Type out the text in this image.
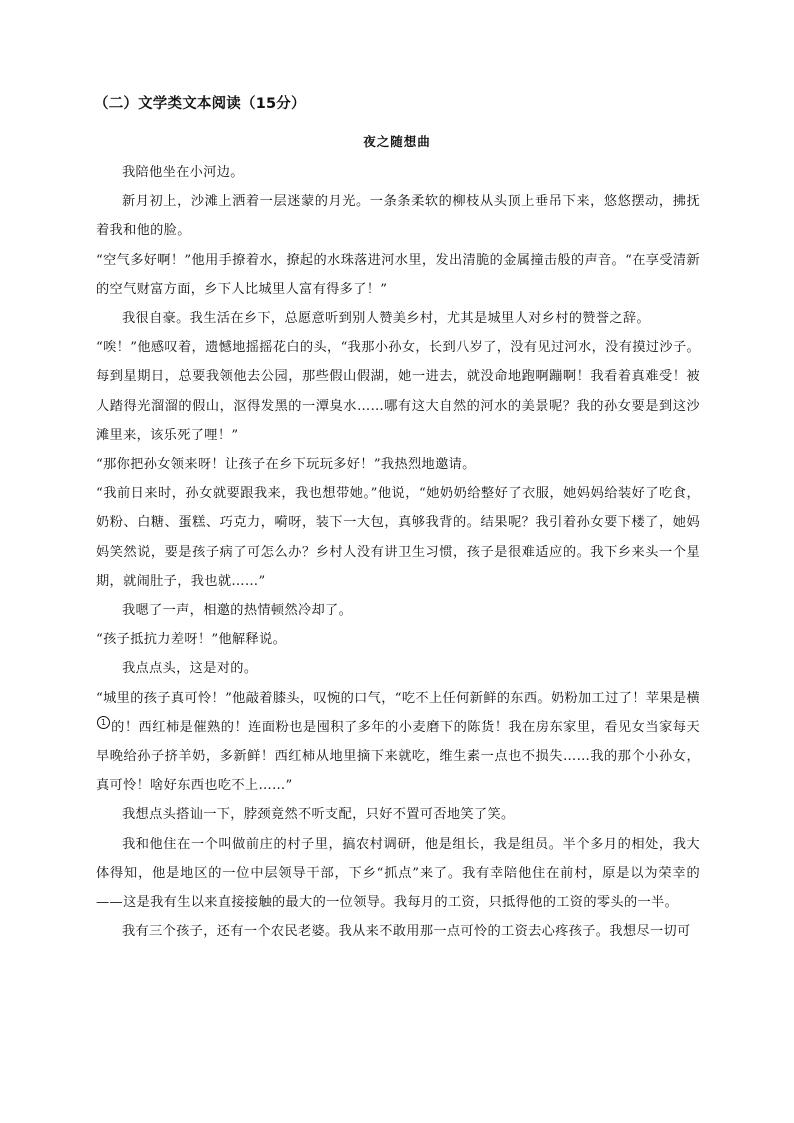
（二）文学类文本阅读（15分）
夜之随想曲

我陪他坐在小河边。

新月初上，沙滩上洒着一层迷蒙的月光。一条条柔软的柳枝从头顶上垂吊下来，悠悠摆动，拂抚着我和他的脸。

“空气多好啊！”他用手撩着水，撩起的水珠落进河水里，发出清脆的金属撞击般的声音。“在享受清新的空气财富方面，乡下人比城里人富有得多了！”

我很自豪。我生活在乡下，总愿意听到别人赞美乡村，尤其是城里人对乡村的赞誉之辞。

“唉！”他感叹着，遗憾地摇摇花白的头，“我那小孙女，长到八岁了，没有见过河水，没有摸过沙子。每到星期日，总要我领他去公园，那些假山假湖，她一进去，就没命地跑啊蹦啊！我看着真难受！被人踏得光溜溜的假山，沤得发黑的一潭臭水……哪有这大自然的河水的美景呢？我的孙女要是到这沙滩里来，该乐死了哩！”

“那你把孙女领来呀！让孩子在乡下玩玩多好！”我热烈地邀请。

“我前日来时，孙女就要跟我来，我也想带她。”他说，“她奶奶给整好了衣服，她妈妈给装好了吃食，奶粉、白糖、蛋糕、巧克力，嗬呀，装下一大包，真够我背的。结果呢？我引着孙女要下楼了，她妈妈笑然说，要是孩子病了可怎么办？乡村人没有讲卫生习惯，孩子是很难适应的。我下乡来头一个星期，就闹肚子，我也就……”

我嗯了一声，相邀的热情顿然冷却了。

“孩子抵抗力差呀！”他解释说。

我点点头，这是对的。

“城里的孩子真可怜！”他敲着膝头，叹惋的口气，“吃不上任何新鲜的东西。奶粉加工过了！苹果是横1 的！西红柿是催熟的！连面粉也是囤积了多年的小麦磨下的陈货！我在房东家里，看见女当家每天早晚给孙子挤羊奶，多新鲜！西红柿从地里摘下来就吃，维生素一点也不损失……我的那个小孙女，真可怜！啥好东西也吃不上……”

我想点头搭讪一下，脖颈竟然不听支配，只好不置可否地笑了笑。

我和他住在一个叫做前庄的村子里，搞农村调研，他是组长，我是组员。半个多月的相处，我大体得知，他是地区的一位中层领导干部，下乡“抓点”来了。我有幸陪他住在前村，原是以为荣幸的——这是我有生以来直接接触的最大的一位领导。我每月的工资，只抵得他的工资的零头的一半。

我有三个孩子，还有一个农民老婆。我从来不敢用那一点可怜的工资去心疼孩子。我想尽一切可
